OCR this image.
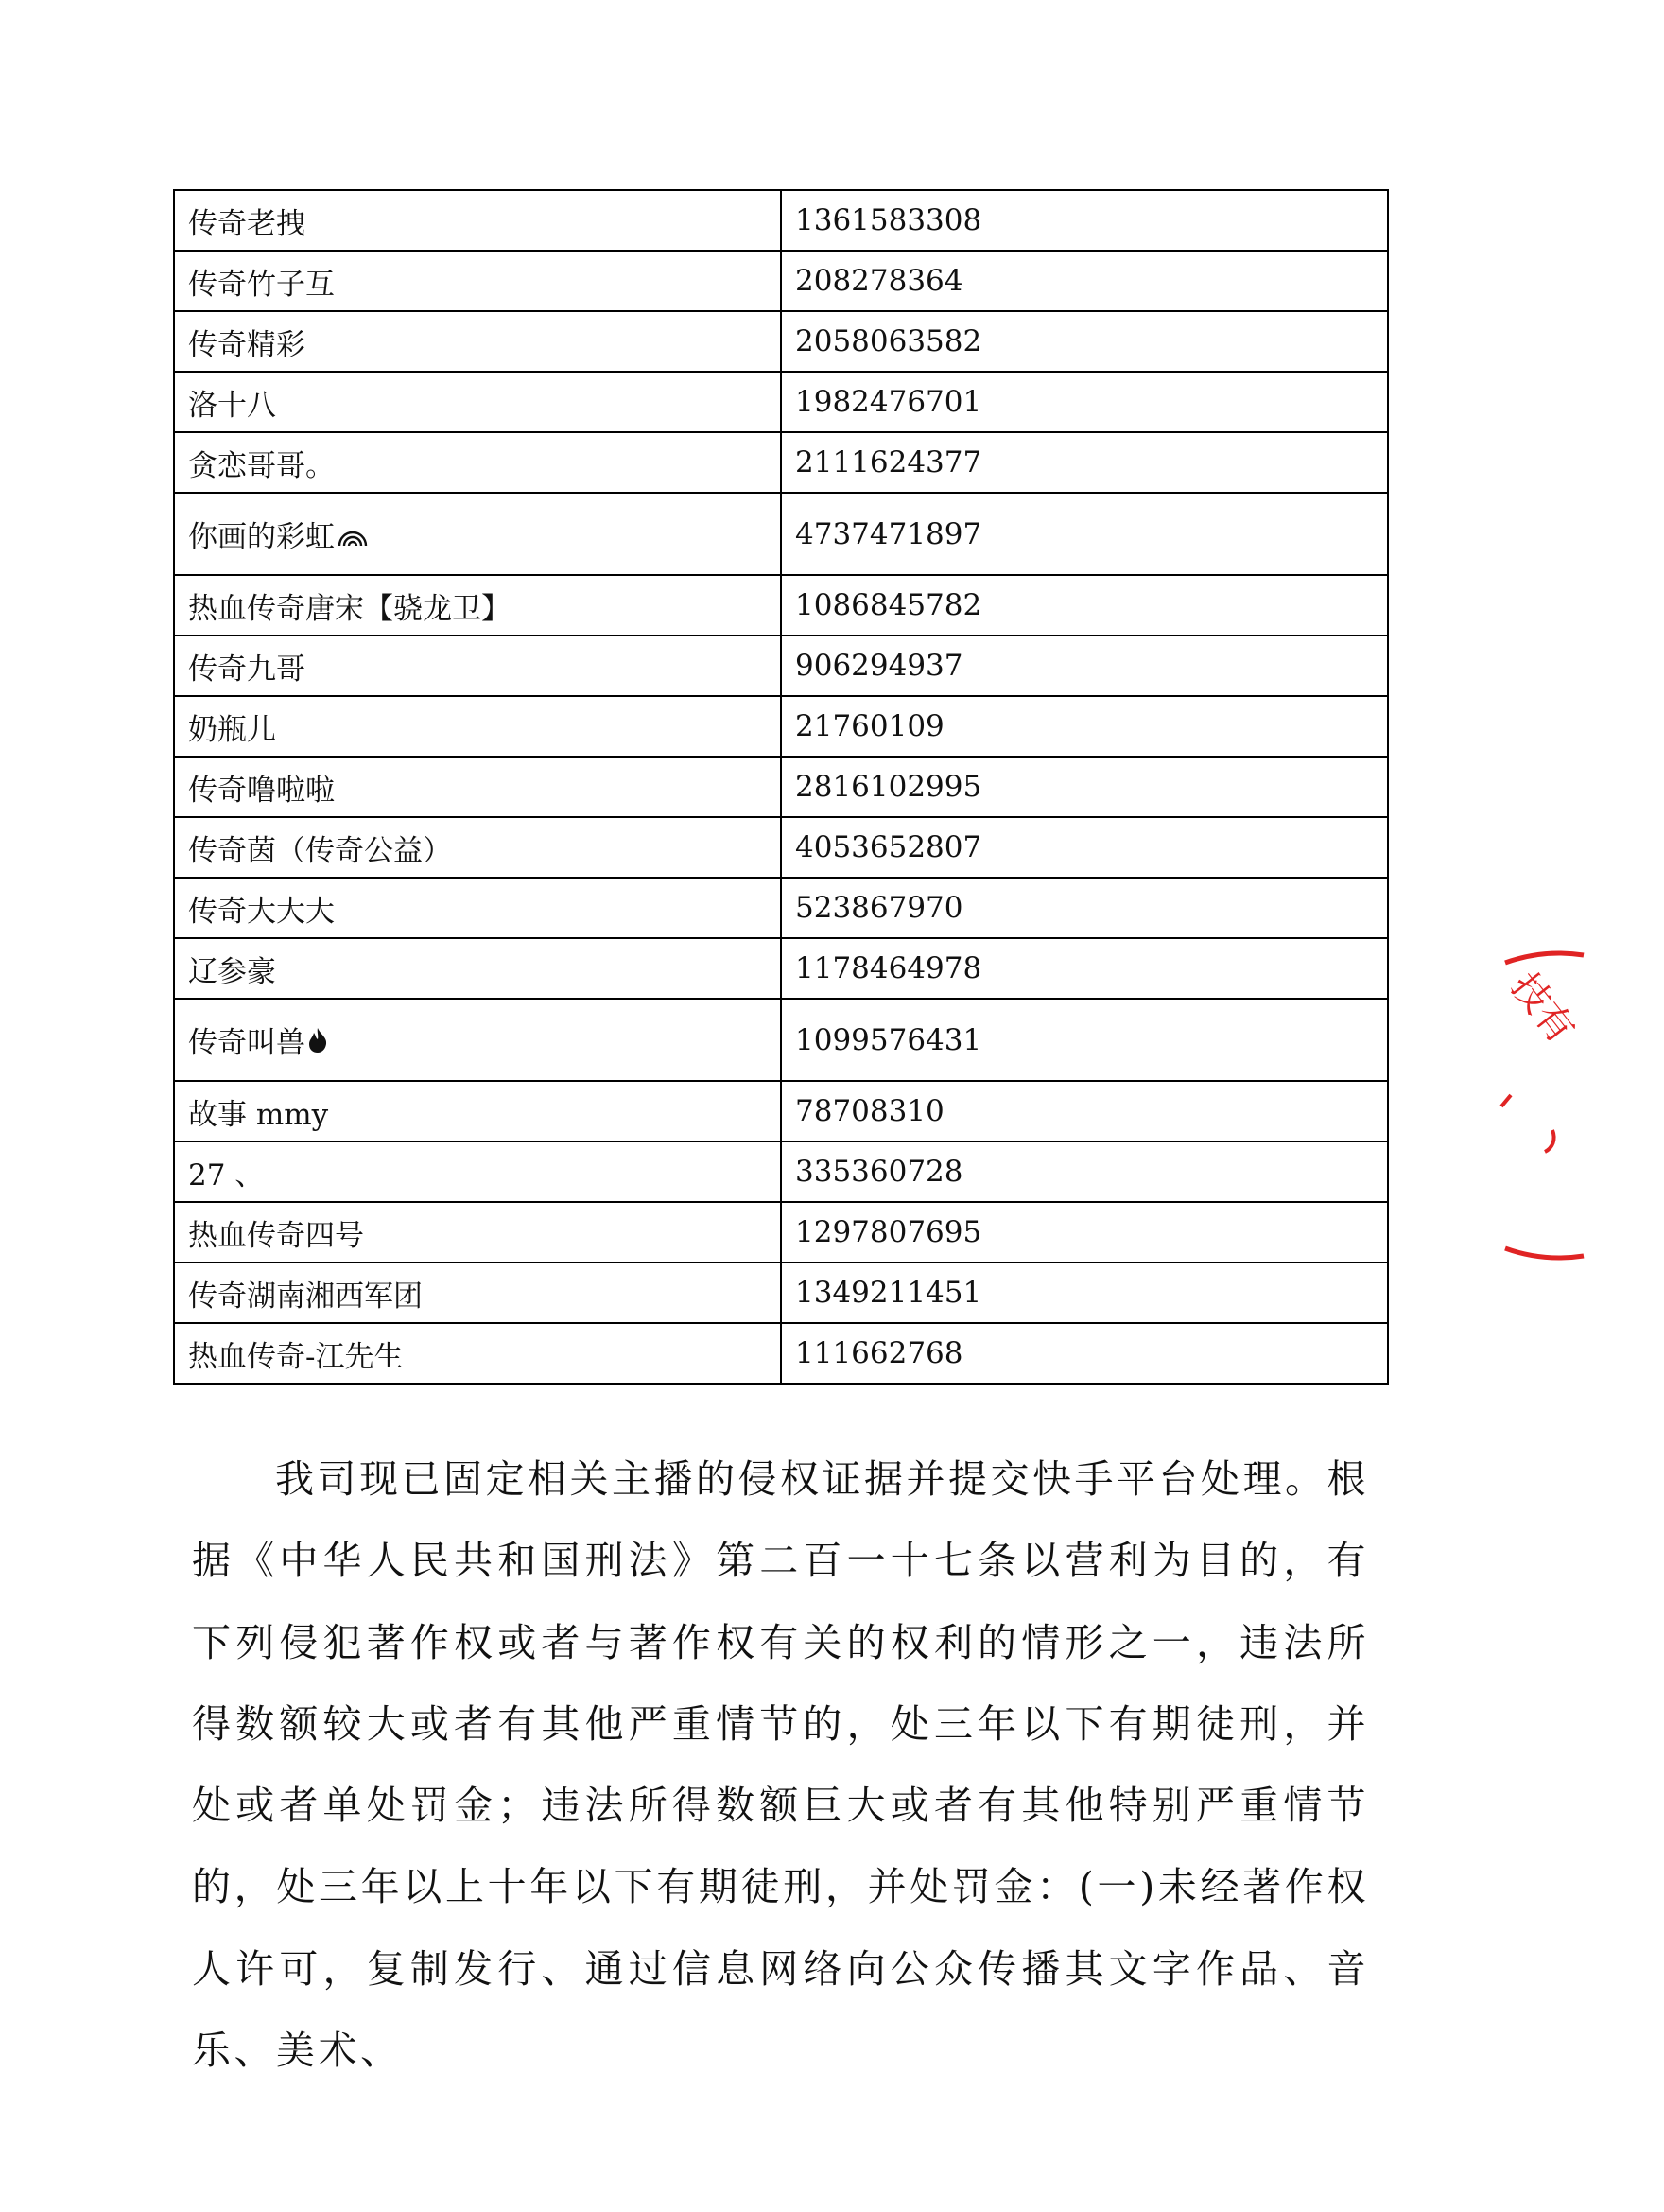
传奇老拽	1361583308
传奇竹子互	208278364
传奇精彩	2058063582
洛十八	1982476701
贪恋哥哥。	2111624377
你画的彩虹	4737471897
热血传奇唐宋【骁龙卫】	1086845782
传奇九哥	906294937
奶瓶儿	21760109
传奇噜啦啦	2816102995
传奇茵（传奇公益）	4053652807
传奇大大大	523867970
辽参豪	1178464978
传奇叫兽	1099576431
故事 mmy	78708310
27 、	335360728
热血传奇四号	1297807695
传奇湖南湘西军团	1349211451
热血传奇-江先生	111662768

我司现已固定相关主播的侵权证据并提交快手平台处理。根据《中华人民共和国刑法》第二百一十七条以营利为目的，有下列侵犯著作权或者与著作权有关的权利的情形之一，违法所得数额较大或者有其他严重情节的，处三年以下有期徒刑，并处或者单处罚金；违法所得数额巨大或者有其他特别严重情节的，处三年以上十年以下有期徒刑，并处罚金：(一)未经著作权人许可，复制发行、通过信息网络向公众传播其文字作品、音乐、美术、

技有
